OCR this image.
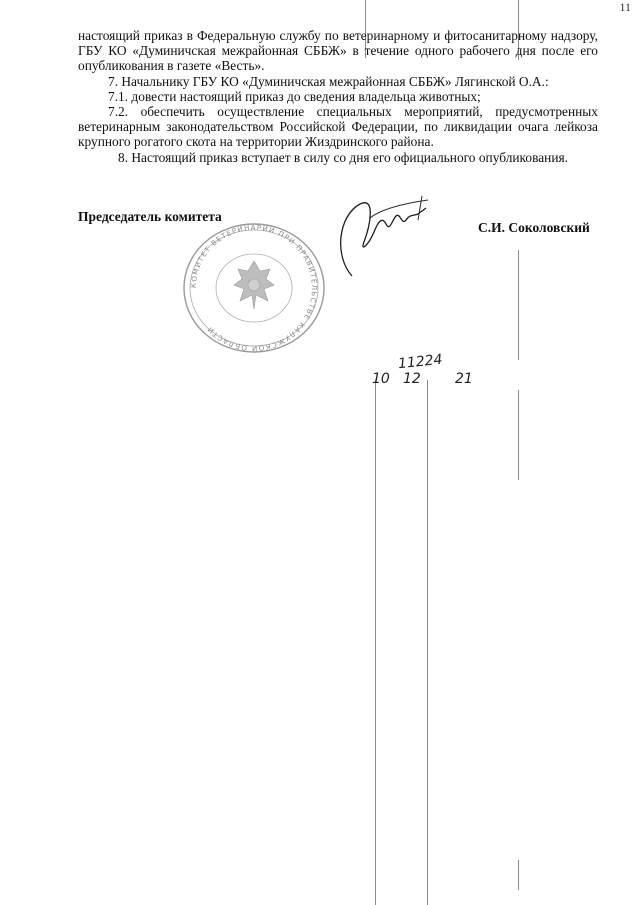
11

настоящий приказ в Федеральную службу по ветеринарному и фитосанитарному надзору, ГБУ КО «Думиничская межрайонная СББЖ» в течение одного рабочего дня после его опубликования в газете «Весть».

7. Начальнику ГБУ КО «Думиничская межрайонная СББЖ» Лягинской О.А.:

7.1. довести настоящий приказ до сведения владельца животных;

7.2. обеспечить осуществление специальных мероприятий, предусмотренных ветеринарным законодательством Российской Федерации, по ликвидации очага лейкоза крупного рогатого скота на территории Жиздринского района.

8. Настоящий приказ вступает в силу со дня его официального опубликования.

КОМИТЕТ ВЕТЕРИНАРИИ ПРИ ПРАВИТЕЛЬСТВЕ КАЛУЖСКОЙ ОБЛАСТИ
Председатель комитета
С.И. Соколовский
11224
10 12 21
